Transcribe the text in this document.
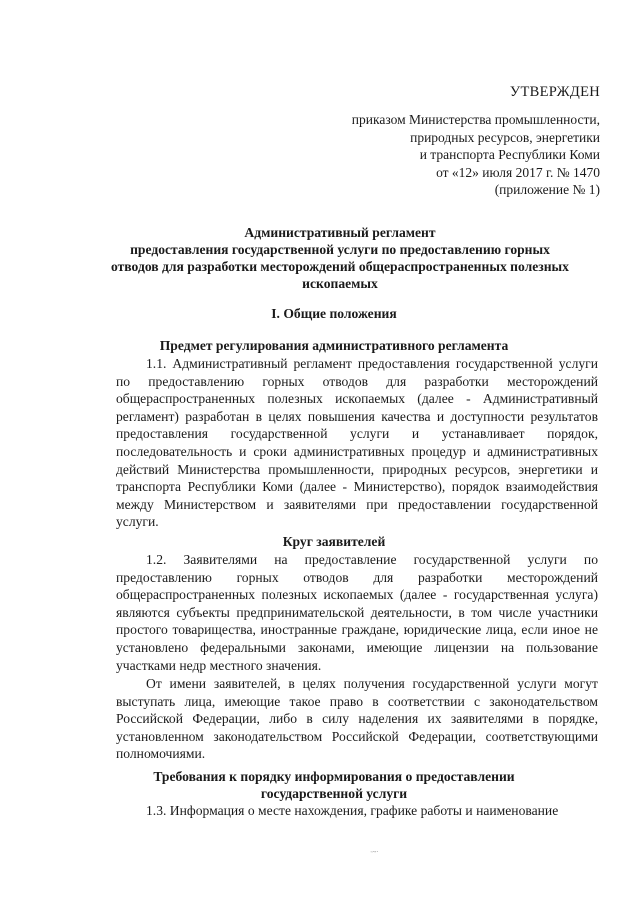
УТВЕРЖДЕН
приказом Министерства промышленности,
природных ресурсов, энергетики
и транспорта Республики Коми
от «12» июля 2017 г. № 1470
(приложение № 1)
Административный регламент
предоставления государственной услуги по предоставлению горных
отводов для разработки месторождений общераспространенных полезных
ископаемых
I. Общие положения
Предмет регулирования административного регламента

1.1. Административный регламент предоставления государственной услуги по предоставлению горных отводов для разработки месторождений общераспространенных полезных ископаемых (далее - Административный регламент) разработан в целях повышения качества и доступности результатов предоставления государственной услуги и устанавливает порядок, последовательность и сроки административных процедур и административных действий Министерства промышленности, природных ресурсов, энергетики и транспорта Республики Коми (далее - Министерство), порядок взаимодействия между Министерством и заявителями при предоставлении государственной услуги.

Круг заявителей

1.2. Заявителями на предоставление государственной услуги по предоставлению горных отводов для разработки месторождений общераспространенных полезных ископаемых (далее - государственная услуга) являются субъекты предпринимательской деятельности, в том числе участники простого товарищества, иностранные граждане, юридические лица, если иное не установлено федеральными законами, имеющие лицензии на пользование участками недр местного значения.

От имени заявителей, в целях получения государственной услуги могут выступать лица, имеющие такое право в соответствии с законодательством Российской Федерации, либо в силу наделения их заявителями в порядке, установленном законодательством Российской Федерации, соответствующими полномочиями.

Требования к порядку информирования о предоставлении
государственной услуги

1.3. Информация о месте нахождения, графике работы и наименование

·~·
